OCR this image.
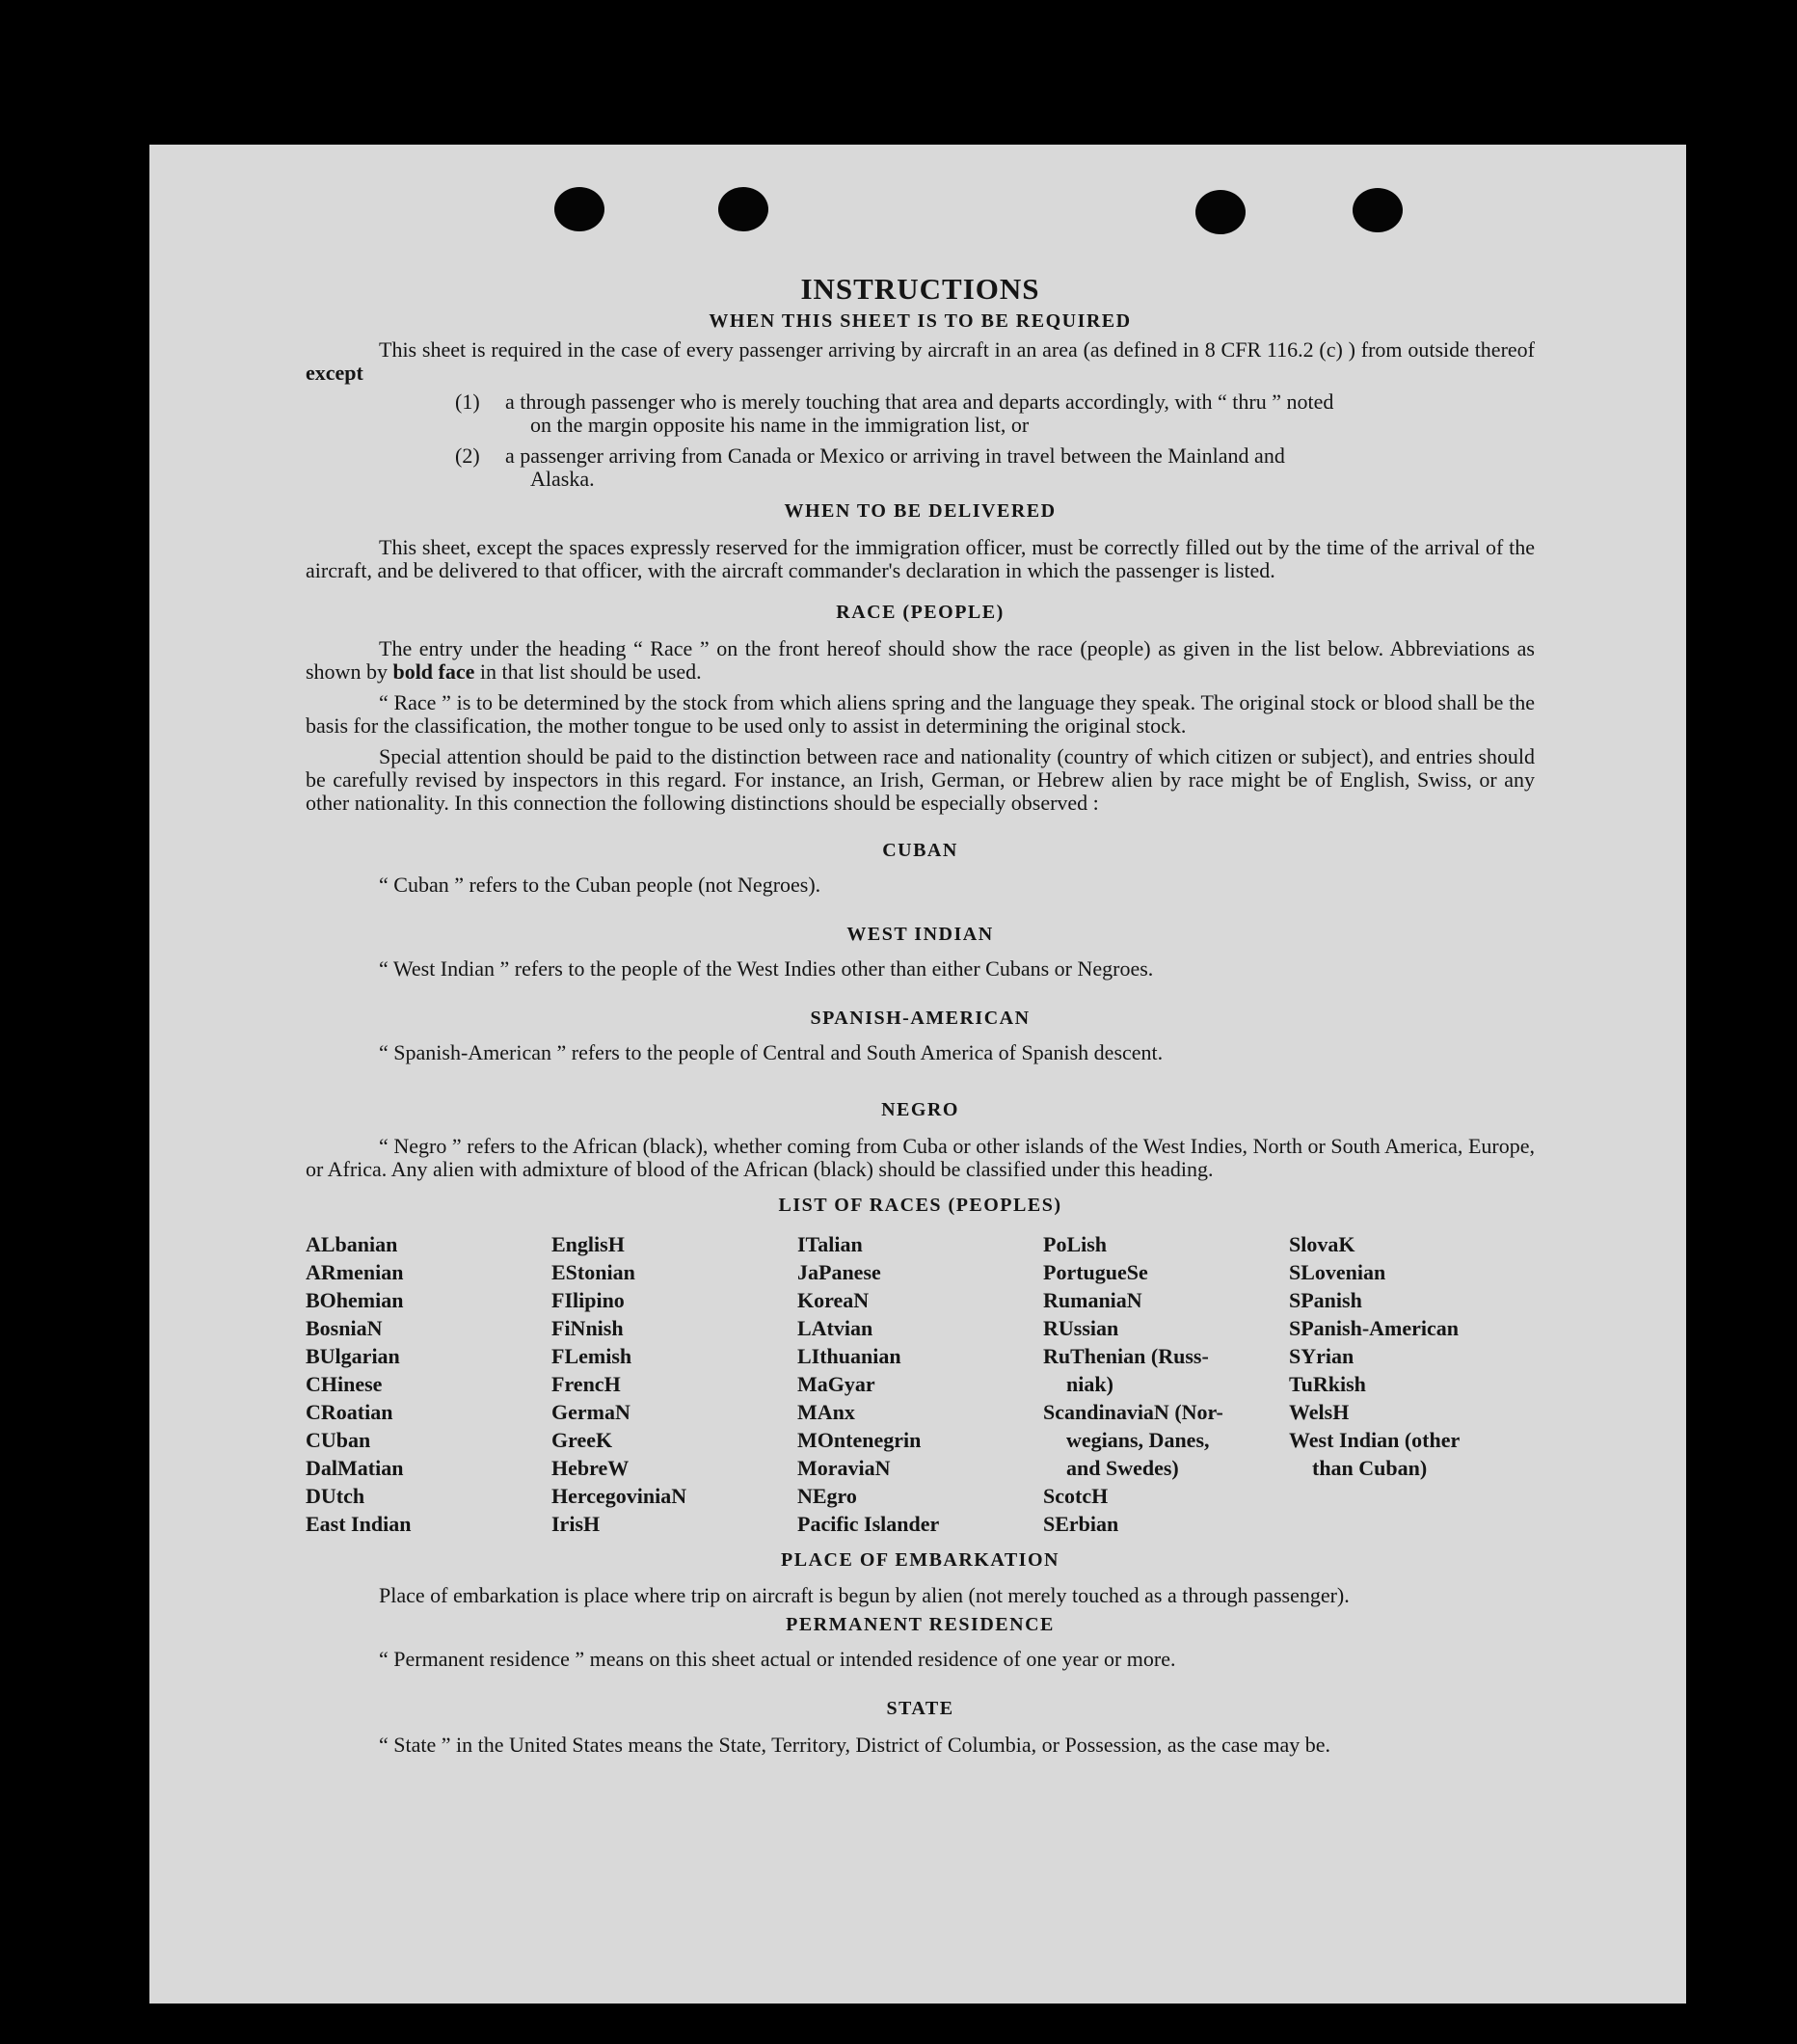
INSTRUCTIONS
WHEN THIS SHEET IS TO BE REQUIRED

This sheet is required in the case of every passenger arriving by aircraft in an area (as defined in 8 CFR 116.2 (c) ) from outside thereof except

(1)	a through passenger who is merely touching that area and departs accordingly, with “ thru ” noted
on the margin opposite his name in the immigration list, or
(2)	a passenger arriving from Canada or Mexico or arriving in travel between the Mainland and
Alaska.
WHEN TO BE DELIVERED

This sheet, except the spaces expressly reserved for the immigration officer, must be correctly filled out by the time of the arrival of the aircraft, and be delivered to that officer, with the aircraft commander's declaration in which the passenger is listed.

RACE (PEOPLE)

The entry under the heading “ Race ” on the front hereof should show the race (people) as given in the list below. Abbreviations as shown by bold face in that list should be used.

“ Race ” is to be determined by the stock from which aliens spring and the language they speak. The original stock or blood shall be the basis for the classification, the mother tongue to be used only to assist in determining the original stock.

Special attention should be paid to the distinction between race and nationality (country of which citizen or subject), and entries should be carefully revised by inspectors in this regard. For instance, an Irish, German, or Hebrew alien by race might be of English, Swiss, or any other nationality. In this connection the following distinctions should be especially observed :

CUBAN
“ Cuban ” refers to the Cuban people (not Negroes).
WEST INDIAN
“ West Indian ” refers to the people of the West Indies other than either Cubans or Negroes.
SPANISH-AMERICAN
“ Spanish-American ” refers to the people of Central and South America of Spanish descent.
NEGRO

“ Negro ” refers to the African (black), whether coming from Cuba or other islands of the West Indies, North or South America, Europe, or Africa. Any alien with admixture of blood of the African (black) should be classified under this heading.

LIST OF RACES (PEOPLES)
ALbanian
ARmenian
BOhemian
BosniaN
BUlgarian
CHinese
CRoatian
CUban
DalMatian
DUtch
East Indian
EnglisH
EStonian
FIlipino
FiNnish
FLemish
FrencH
GermaN
GreeK
HebreW
HercegoviniaN
IrisH
ITalian
JaPanese
KoreaN
LAtvian
LIthuanian
MaGyar
MAnx
MOntenegrin
MoraviaN
NEgro
Pacific Islander
PoLish
PortugueSe
RumaniaN
RUssian
RuThenian (Russ-
niak)
ScandinaviaN (Nor-
wegians, Danes,
and Swedes)
ScotcH
SErbian
SlovaK
SLovenian
SPanish
SPanish-American
SYrian
TuRkish
WelsH
West Indian (other
than Cuban)
PLACE OF EMBARKATION

Place of embarkation is place where trip on aircraft is begun by alien (not merely touched as a through passenger).

PERMANENT RESIDENCE
“ Permanent residence ” means on this sheet actual or intended residence of one year or more.
STATE

“ State ” in the United States means the State, Territory, District of Columbia, or Possession, as the case may be.
